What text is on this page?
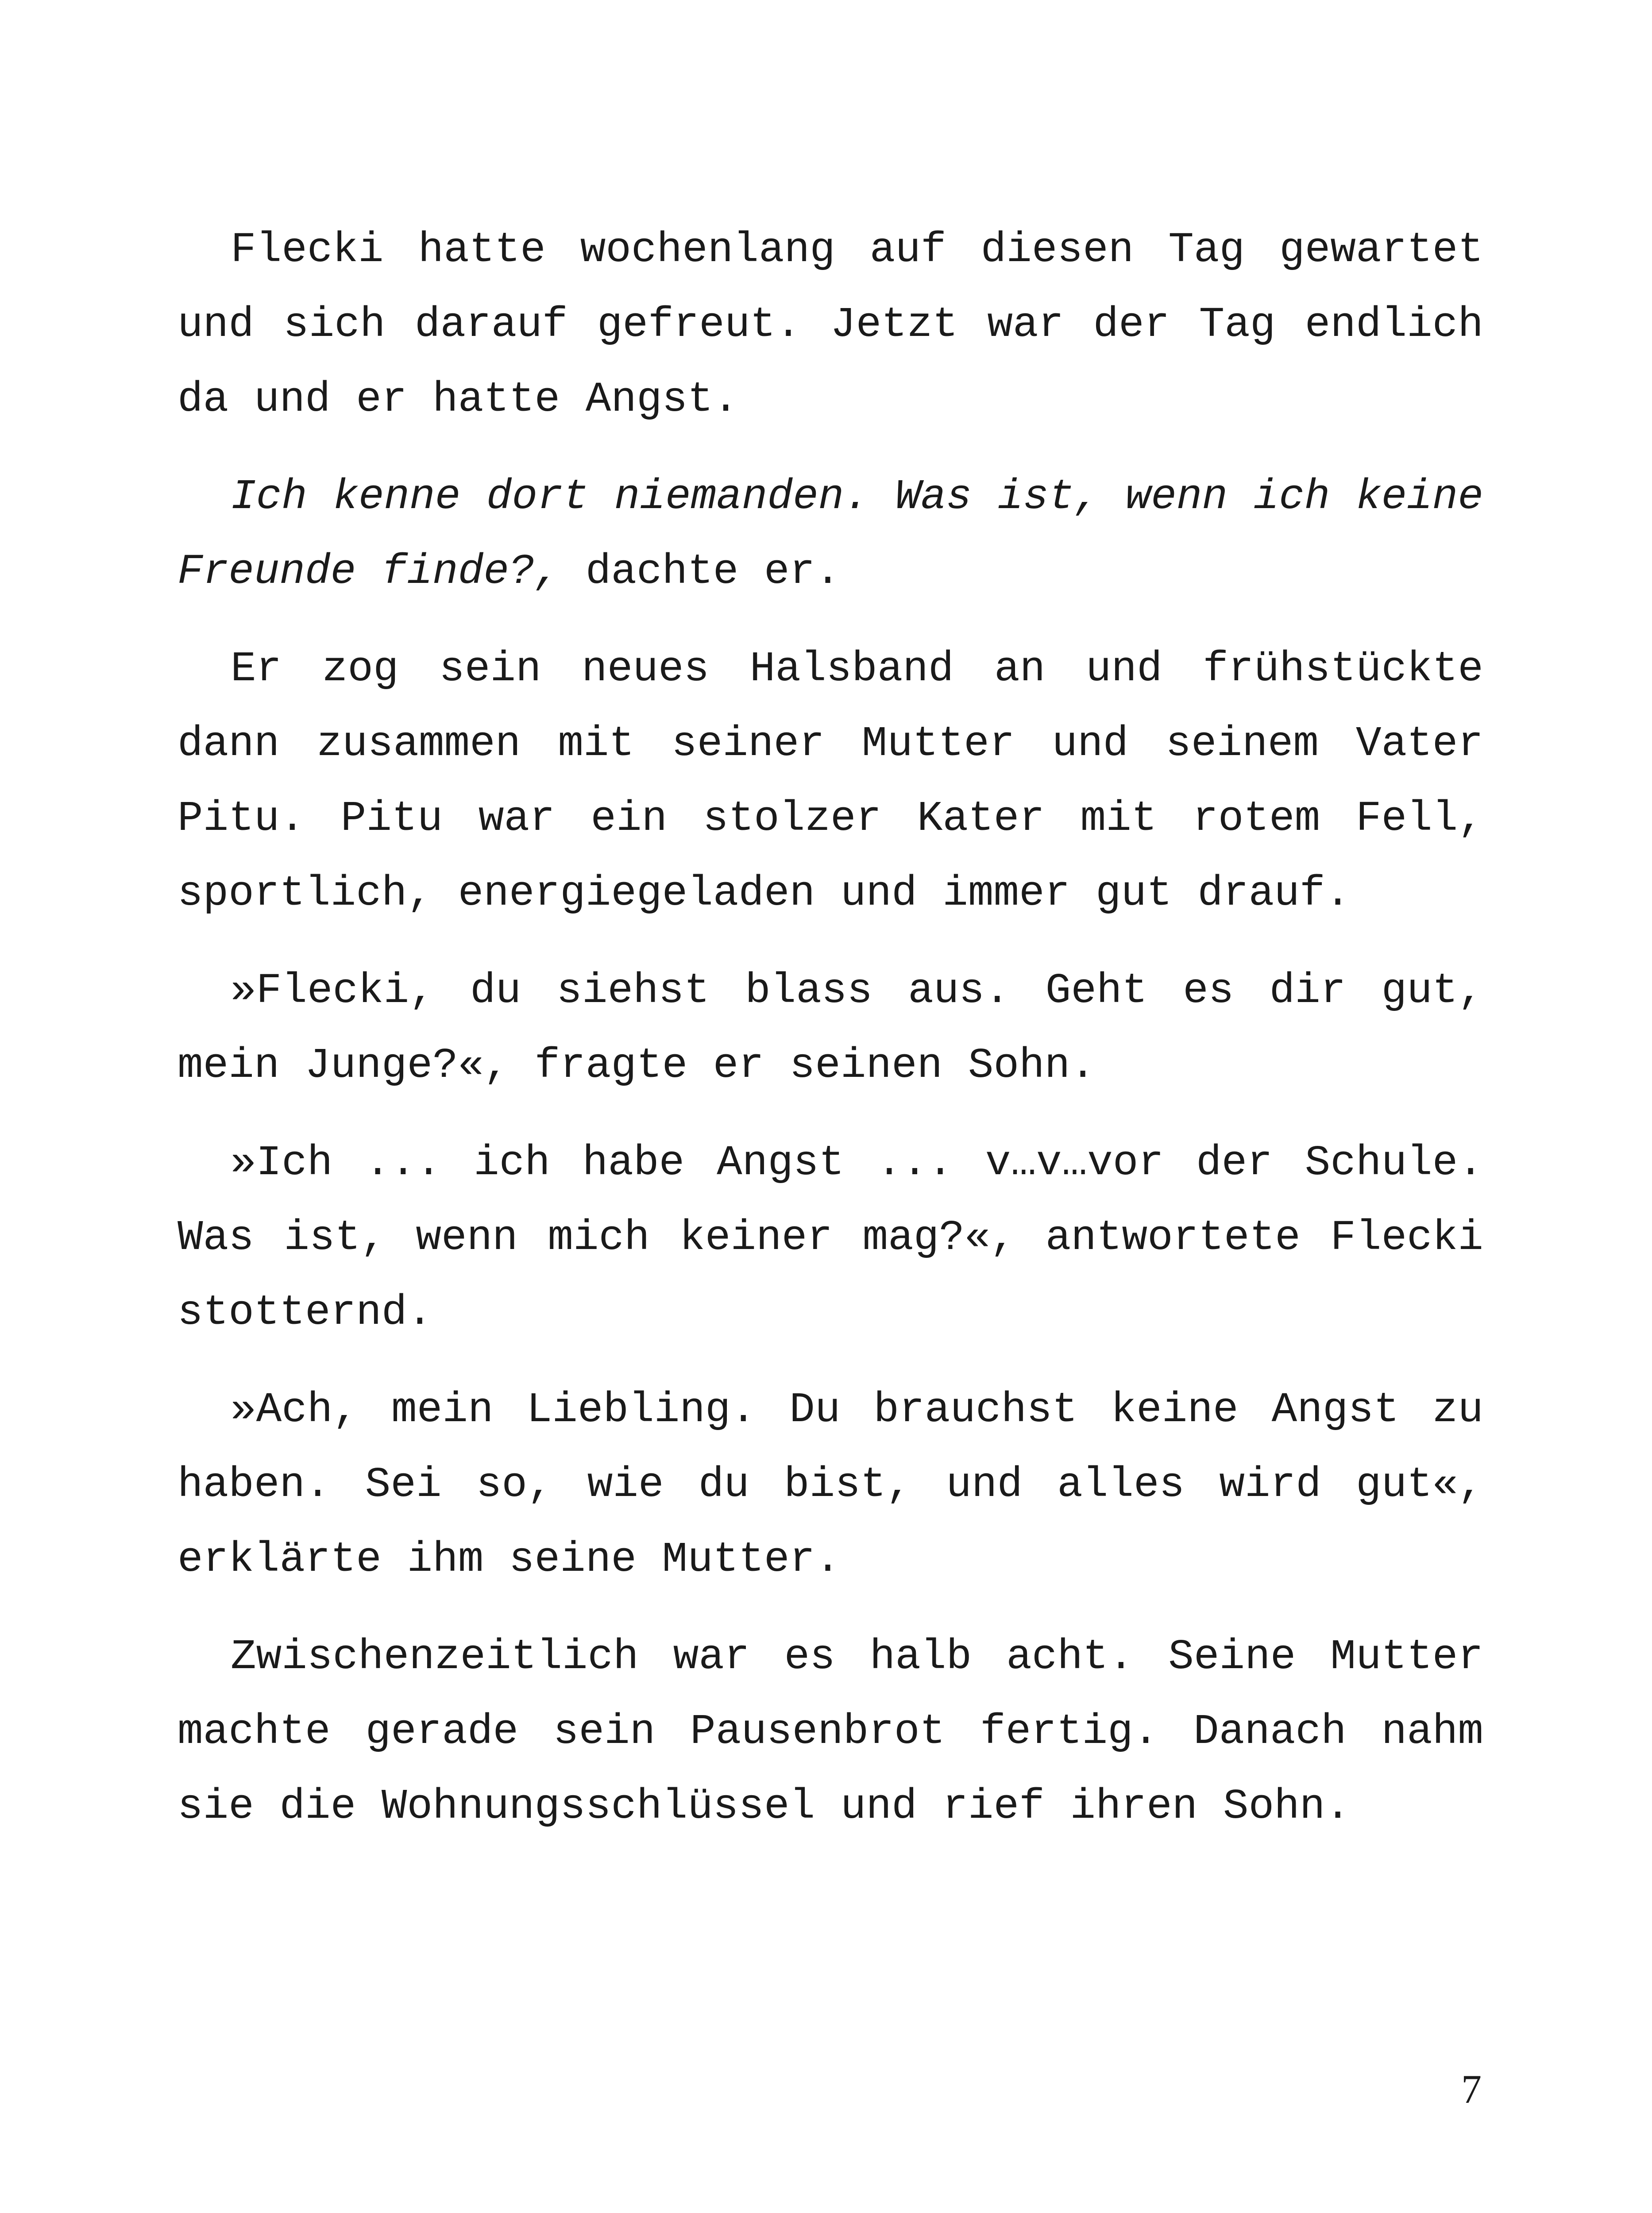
Flecki hatte wochenlang auf diesen Tag gewartet und sich darauf gefreut. Jetzt war der Tag endlich da und er hatte Angst.

Ich kenne dort niemanden. Was ist, wenn ich keine Freunde finde?, dachte er.

Er zog sein neues Halsband an und frühstückte dann zusammen mit seiner Mutter und seinem Vater Pitu. Pitu war ein stolzer Kater mit rotem Fell, sportlich, energiegeladen und immer gut drauf.

»Flecki, du siehst blass aus. Geht es dir gut, mein Junge?«, fragte er seinen Sohn.

»Ich ... ich habe Angst ... v…v…vor der Schule. Was ist, wenn mich keiner mag?«, antwortete Flecki stotternd.

»Ach, mein Liebling. Du brauchst keine Angst zu haben. Sei so, wie du bist, und alles wird gut«, erklärte ihm seine Mutter.

Zwischenzeitlich war es halb acht. Seine Mutter machte gerade sein Pausenbrot fertig. Danach nahm sie die Wohnungsschlüssel und rief ihren Sohn.

7
